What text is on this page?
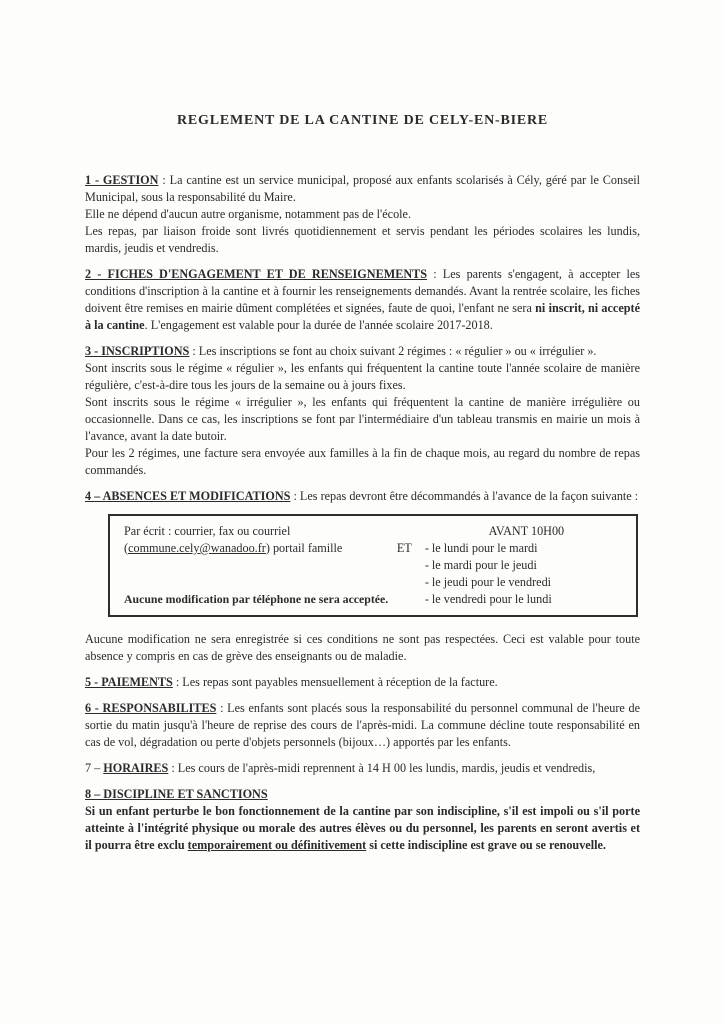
REGLEMENT DE LA CANTINE DE CELY-EN-BIERE

1 - GESTION : La cantine est un service municipal, proposé aux enfants scolarisés à Cély, géré par le Conseil Municipal, sous la responsabilité du Maire.
Elle ne dépend d'aucun autre organisme, notamment pas de l'école.
Les repas, par liaison froide sont livrés quotidiennement et servis pendant les périodes scolaires les lundis, mardis, jeudis et vendredis.

2 - FICHES D'ENGAGEMENT ET DE RENSEIGNEMENTS : Les parents s'engagent, à accepter les conditions d'inscription à la cantine et à fournir les renseignements demandés. Avant la rentrée scolaire, les fiches doivent être remises en mairie dûment complétées et signées, faute de quoi, l'enfant ne sera ni inscrit, ni accepté à la cantine. L'engagement est valable pour la durée de l'année scolaire 2017-2018.

3 - INSCRIPTIONS : Les inscriptions se font au choix suivant 2 régimes : « régulier » ou « irrégulier ».
Sont inscrits sous le régime « régulier », les enfants qui fréquentent la cantine toute l'année scolaire de manière régulière, c'est-à-dire tous les jours de la semaine ou à jours fixes.
Sont inscrits sous le régime « irrégulier », les enfants qui fréquentent la cantine de manière irrégulière ou occasionnelle. Dans ce cas, les inscriptions se font par l'intermédiaire d'un tableau transmis en mairie un mois à l'avance, avant la date butoir.
Pour les 2 régimes, une facture sera envoyée aux familles à la fin de chaque mois, au regard du nombre de repas commandés.

4 – ABSENCES ET MODIFICATIONS : Les repas devront être décommandés à l'avance de la façon suivante :

Par écrit : courrier, fax ou courriel
(commune.cely@wanadoo.fr) portail famille
Aucune modification par téléphone ne sera acceptée.
AVANT 10H00
ET	- le lundi pour le mardi
- le mardi pour le jeudi
- le jeudi pour le vendredi
- le vendredi pour le lundi

Aucune modification ne sera enregistrée si ces conditions ne sont pas respectées. Ceci est valable pour toute absence y compris en cas de grève des enseignants ou de maladie.

5 - PAIEMENTS : Les repas sont payables mensuellement à réception de la facture.

6 - RESPONSABILITES : Les enfants sont placés sous la responsabilité du personnel communal de l'heure de sortie du matin jusqu'à l'heure de reprise des cours de l'après-midi. La commune décline toute responsabilité en cas de vol, dégradation ou perte d'objets personnels (bijoux…) apportés par les enfants.

7 – HORAIRES : Les cours de l'après-midi reprennent à 14 H 00 les lundis, mardis, jeudis et vendredis,

8 – DISCIPLINE ET SANCTIONS
Si un enfant perturbe le bon fonctionnement de la cantine par son indiscipline, s'il est impoli ou s'il porte atteinte à l'intégrité physique ou morale des autres élèves ou du personnel, les parents en seront avertis et il pourra être exclu temporairement ou définitivement si cette indiscipline est grave ou se renouvelle.
